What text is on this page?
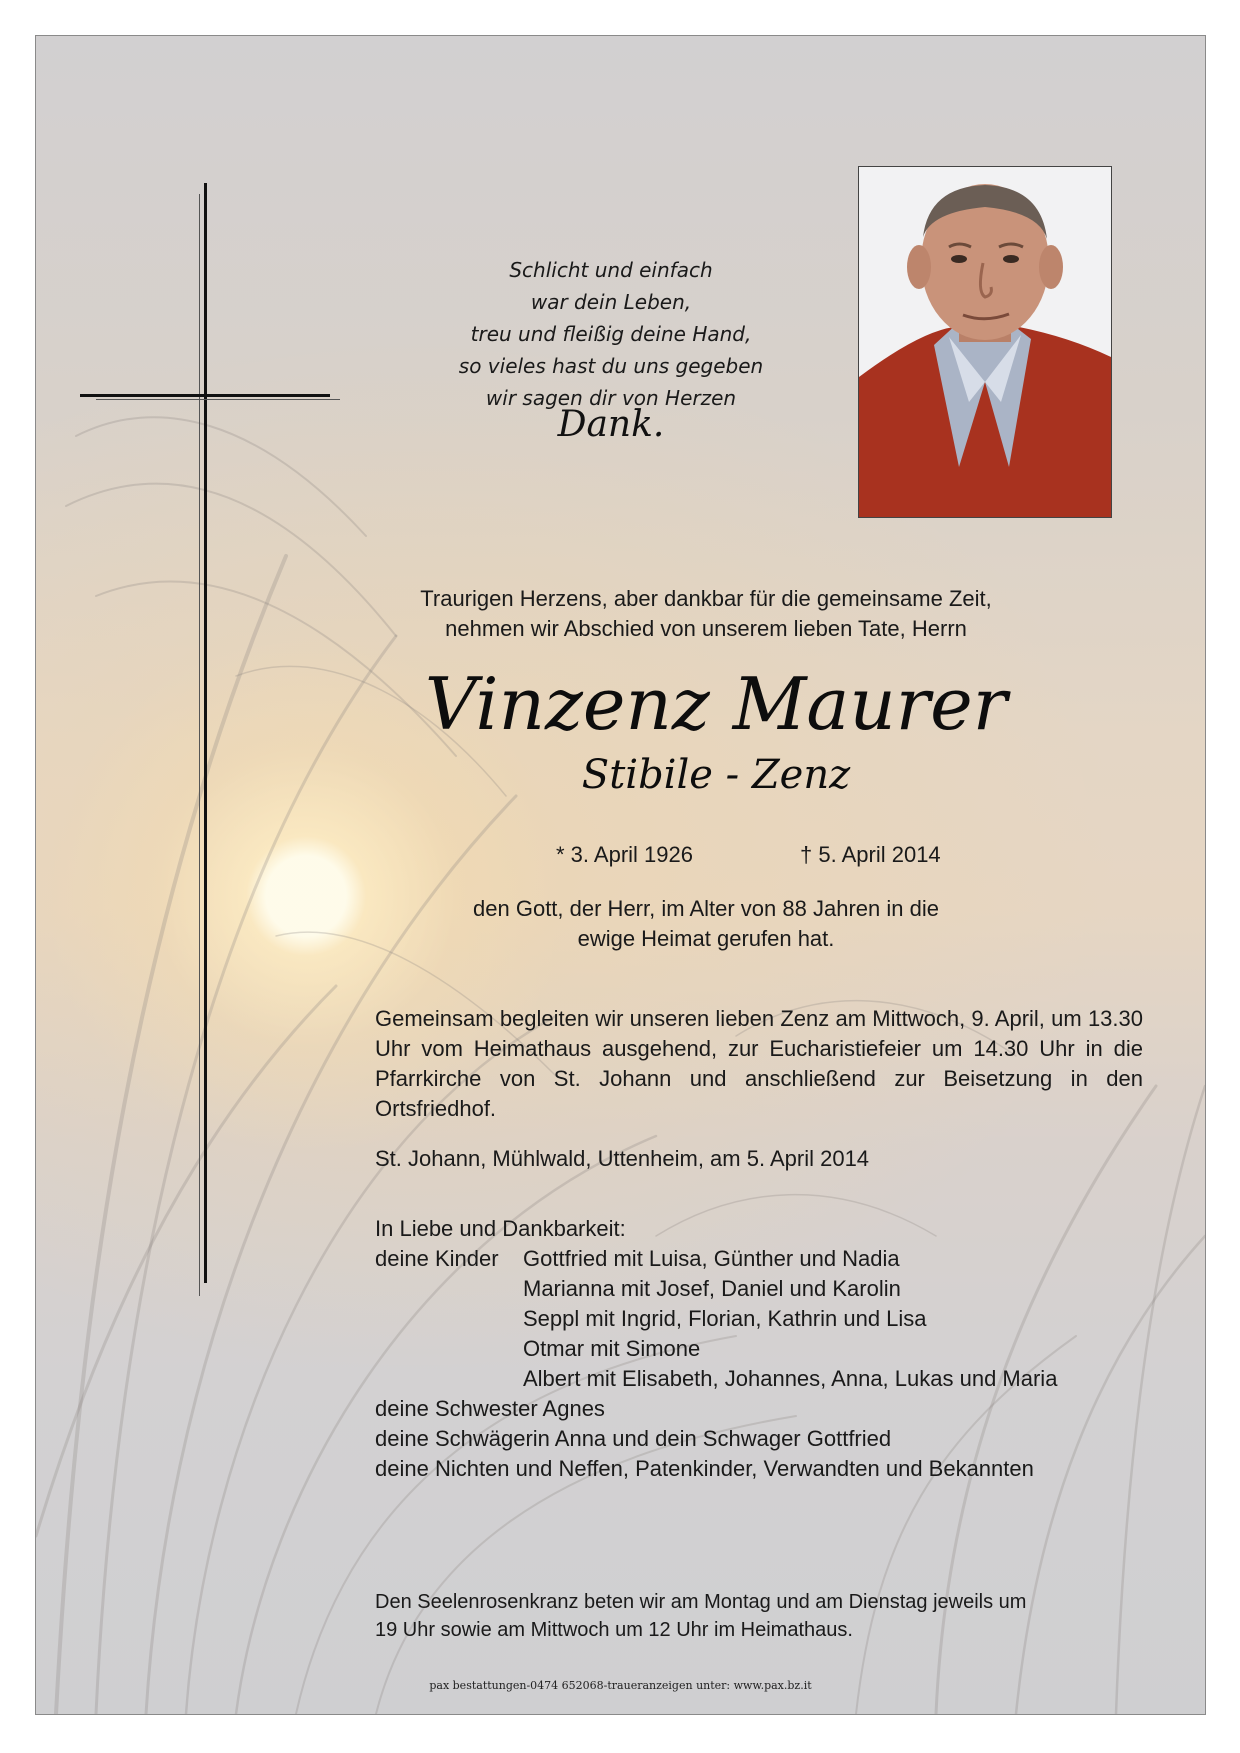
Schlicht und einfach
war dein Leben,
treu und fleißig deine Hand,
so vieles hast du uns gegeben
wir sagen dir von Herzen
Dank.
Traurigen Herzens, aber dankbar für die gemeinsame Zeit,
nehmen wir Abschied von unserem lieben Tate, Herrn
Vinzenz Maurer
Stibile - Zenz
* 3. April 1926	† 5. April 2014
den Gott, der Herr, im Alter von 88 Jahren in die
ewige Heimat gerufen hat.
Gemeinsam begleiten wir unseren lieben Zenz am Mittwoch, 9. April, um 13.30 Uhr vom Heimathaus ausgehend, zur Eucharistiefeier um 14.30 Uhr in die Pfarrkirche von St. Johann und anschließend zur Beisetzung in den Ortsfriedhof.
St. Johann, Mühlwald, Uttenheim, am 5. April 2014
In Liebe und Dankbarkeit:
deine Kinder	Gottfried mit Luisa, Günther und Nadia
Marianna mit Josef, Daniel und Karolin
Seppl mit Ingrid, Florian, Kathrin und Lisa
Otmar mit Simone
Albert mit Elisabeth, Johannes, Anna, Lukas und Maria
deine Schwester Agnes
deine Schwägerin Anna und dein Schwager Gottfried
deine Nichten und Neffen, Patenkinder, Verwandten und Bekannten
Den Seelenrosenkranz beten wir am Montag und am Dienstag jeweils um
19 Uhr sowie am Mittwoch um 12 Uhr im Heimathaus.
pax bestattungen-0474 652068-traueranzeigen unter: www.pax.bz.it
